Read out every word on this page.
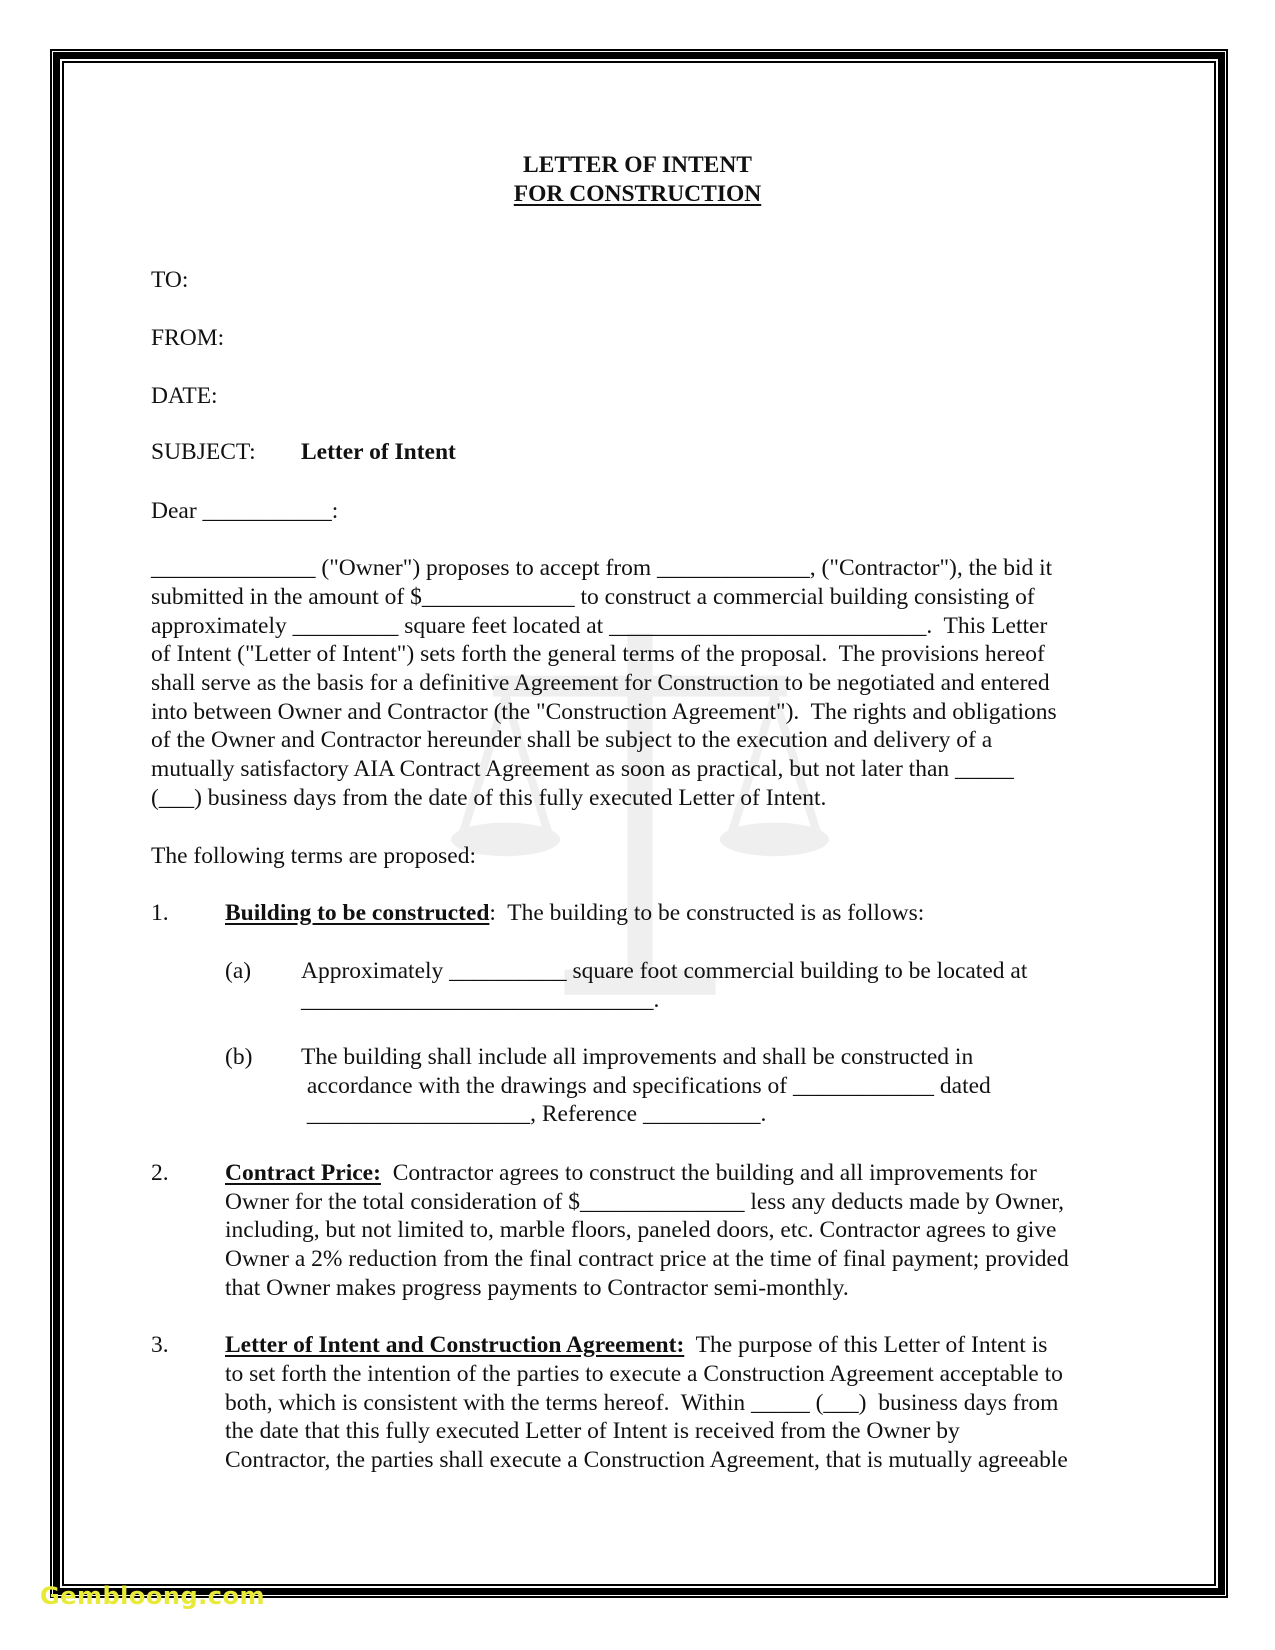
LETTER OF INTENT
FOR CONSTRUCTION
TO:
FROM:
DATE:
SUBJECT: Letter of Intent
Dear ___________:
______________ ("Owner") proposes to accept from _____________, ("Contractor"), the bid it
submitted in the amount of $_____________ to construct a commercial building consisting of
approximately _________ square feet located at ___________________________.  This Letter
of Intent ("Letter of Intent") sets forth the general terms of the proposal.  The provisions hereof
shall serve as the basis for a definitive Agreement for Construction to be negotiated and entered
into between Owner and Contractor (the "Construction Agreement").  The rights and obligations
of the Owner and Contractor hereunder shall be subject to the execution and delivery of a
mutually satisfactory AIA Contract Agreement as soon as practical, but not later than _____
(___) business days from the date of this fully executed Letter of Intent.
The following terms are proposed:
1. Building to be constructed:  The building to be constructed is as follows:
(a) Approximately __________ square foot commercial building to be located at
______________________________.
(b) The building shall include all improvements and shall be constructed in
accordance with the drawings and specifications of ____________ dated
___________________, Reference __________.
2. Contract Price:  Contractor agrees to construct the building and all improvements for
Owner for the total consideration of $______________ less any deducts made by Owner,
including, but not limited to, marble floors, paneled doors, etc. Contractor agrees to give
Owner a 2% reduction from the final contract price at the time of final payment; provided
that Owner makes progress payments to Contractor semi-monthly.
3. Letter of Intent and Construction Agreement:  The purpose of this Letter of Intent is
to set forth the intention of the parties to execute a Construction Agreement acceptable to
both, which is consistent with the terms hereof.  Within _____ (___)  business days from
the date that this fully executed Letter of Intent is received from the Owner by
Contractor, the parties shall execute a Construction Agreement, that is mutually agreeable
Gembloong.com
